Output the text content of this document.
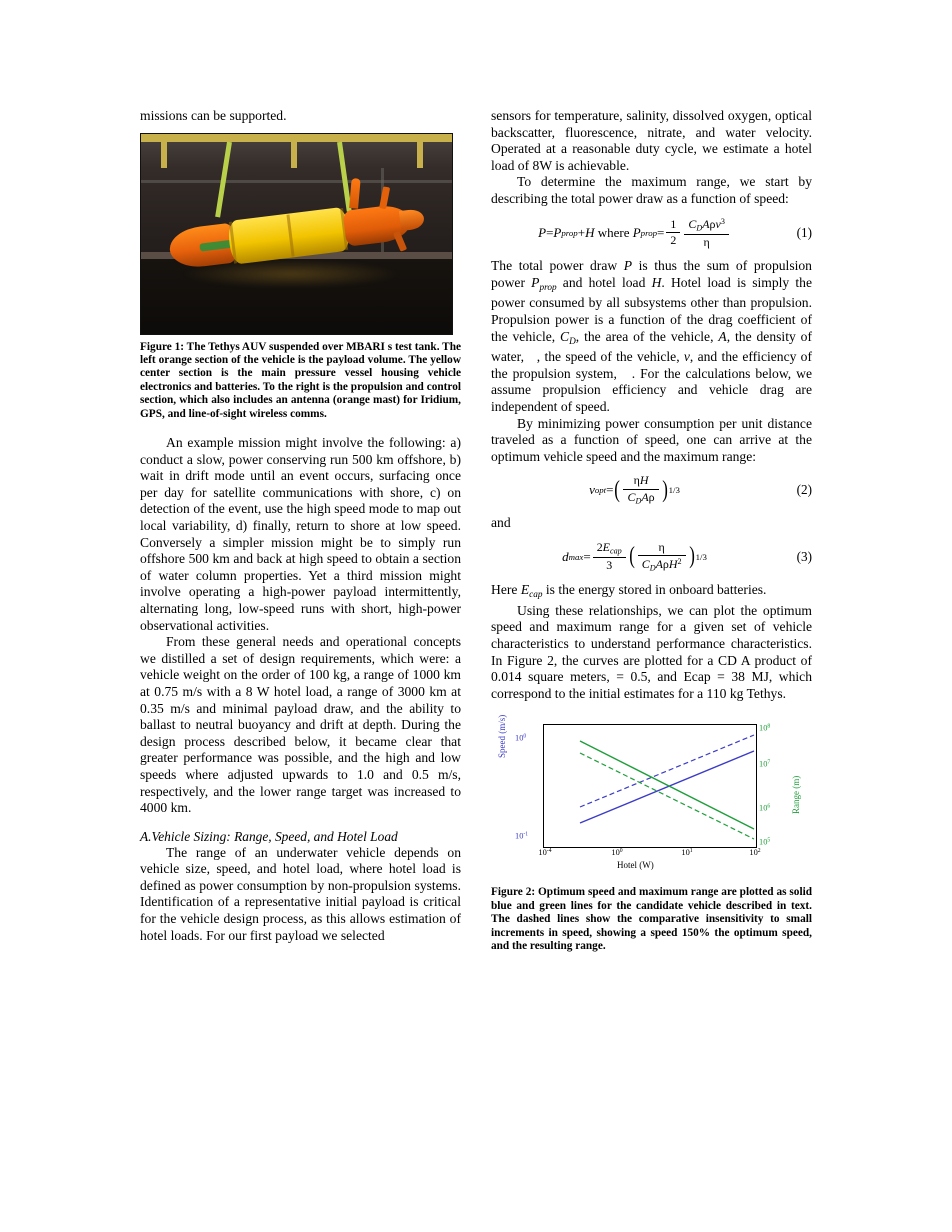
missions can be supported.

Figure 1: The Tethys AUV suspended over MBARI s test tank. The left orange section of the vehicle is the payload volume. The yellow center section is the main pressure vessel housing vehicle electronics and batteries. To the right is the propulsion and control section, which also includes an antenna (orange mast) for Iridium, GPS, and line-of-sight wireless comms.

An example mission might involve the following: a) conduct a slow, power conserving run 500 km offshore, b) wait in drift mode until an event occurs, surfacing once per day for satellite communications with shore, c) on detection of the event, use the high speed mode to map out local variability, d) finally, return to shore at low speed. Conversely a simpler mission might be to simply run offshore 500 km and back at high speed to obtain a section of water column properties. Yet a third mission might involve operating a high-power payload intermittently, alternating long, low-speed runs with short, high-power observational activities.

From these general needs and operational concepts we distilled a set of design requirements, which were: a vehicle weight on the order of 100 kg, a range of 1000 km at 0.75 m/s with a 8 W hotel load, a range of 3000 km at 0.35 m/s and minimal payload draw, and the ability to ballast to neutral buoyancy and drift at depth. During the design process described below, it became clear that greater performance was possible, and the high and low speeds where adjusted upwards to 1.0 and 0.5 m/s, respectively, and the lower range target was increased to 4000 km.

A.Vehicle Sizing: Range, Speed, and Hotel Load

The range of an underwater vehicle depends on vehicle size, speed, and hotel load, where hotel load is defined as power consumption by non-propulsion systems. Identification of a representative initial payload is critical for the vehicle design process, as this allows estimation of hotel loads. For our first payload we selected

sensors for temperature, salinity, dissolved oxygen, optical backscatter, fluorescence, nitrate, and water velocity. Operated at a reasonable duty cycle, we estimate a hotel load of 8W is achievable.

To determine the maximum range, we start by describing the total power draw as a function of speed:

P = P prop + H where P prop = $\frac{1}{2} \frac{C_DA\rho v^3}{\eta}$	(1)

The total power draw P is thus the sum of propulsion power $P_{prop}$ and hotel load H. Hotel load is simply the power consumed by all subsystems other than propulsion. Propulsion power is a function of the drag coefficient of the vehicle, $C_D$, the area of the vehicle, A, the density of water,   , the speed of the vehicle, v, and the efficiency of the propulsion system,   . For the calculations below, we assume propulsion efficiency and vehicle drag are independent of speed.

By minimizing power consumption per unit distance traveled as a function of speed, one can arrive at the optimum vehicle speed and the maximum range:

v opt = ( $\frac{\eta H}{C_DA\rho}$ ) 1/3	(2)

and

d $\max = \frac{2E_{cap}}{3}$ ( $\frac{\eta}{C_DA\rho H^2}$ ) 1/3	(3)

Here $E_{cap}$ is the energy stored in onboard batteries.

Using these relationships, we can plot the optimum speed and maximum range for a given set of vehicle characteristics to understand performance characteristics. In Figure 2, the curves are plotted for a CD A product of 0.014 square meters, = 0.5, and Ecap = 38 MJ, which correspond to the initial estimates for a 110 kg Tethys.

Speed (m/s)
Range (m)
$10^0$
$10^{-1}$
$10^8$
$10^7$
$10^6$
$10^5$
$10^{-4}$	$10^0$	$10^1$	$10^2$
Hotel (W)

Figure 2: Optimum speed and maximum range are plotted as solid blue and green lines for the candidate vehicle described in text. The dashed lines show the comparative insensitivity to small increments in speed, showing a speed 150% the optimum speed, and the resulting range.
